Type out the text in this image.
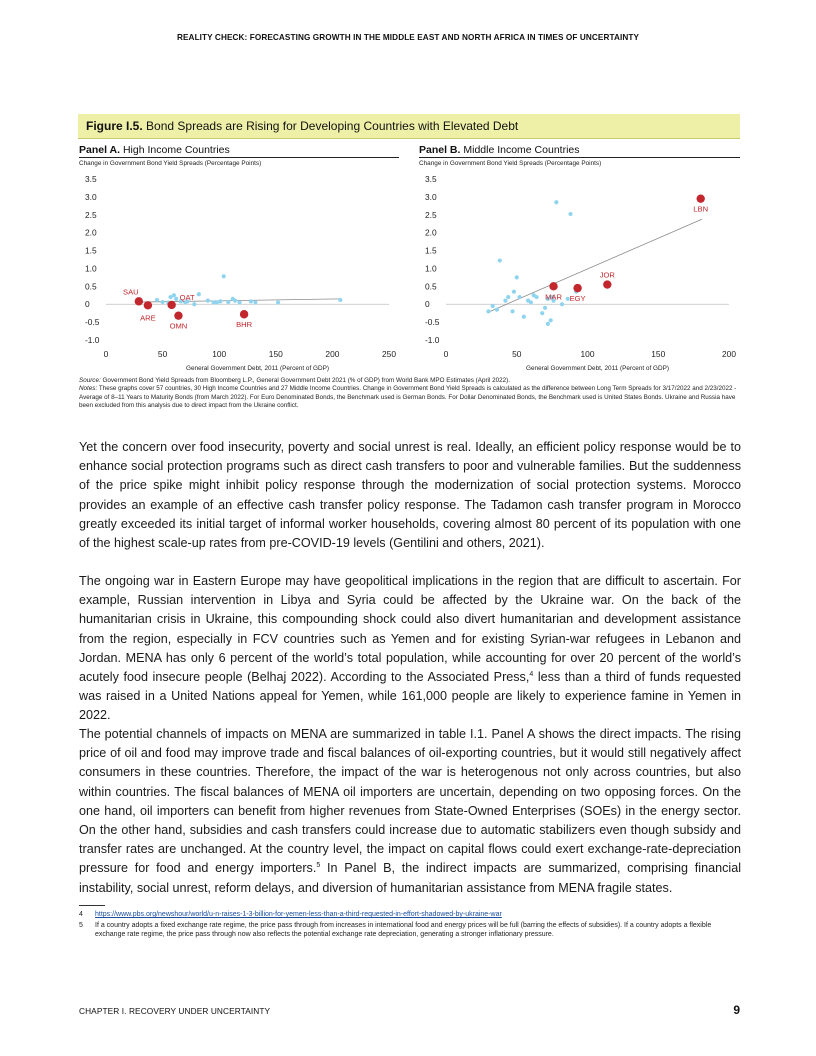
REALITY CHECK: FORECASTING GROWTH IN THE MIDDLE EAST AND NORTH AFRICA IN TIMES OF UNCERTAINTY
Figure I.5. Bond Spreads are Rising for Developing Countries with Elevated Debt
Panel A. High Income Countries
Change in Government Bond Yield Spreads (Percentage Points)
Panel B. Middle Income Countries
Change in Government Bond Yield Spreads (Percentage Points)
3.5
3.0
2.5
2.0
1.5
1.0
0.5
0
-0.5
-1.0
0	50	100	150	200	250
General Government Debt, 2011 (Percent of GDP)
SAU
ARE
QAT
OMN	BHR
3.5
3.0
2.5
2.0
1.5
1.0
0.5
0
-0.5
-1.0
0	50	100	150	200
General Government Debt, 2011 (Percent of GDP)
MAR EGY
JOR
LBN
Source: Government Bond Yield Spreads from Bloomberg L.P., General Government Debt 2021 (% of GDP) from World Bank MPO Estimates (April 2022).
Notes: These graphs cover 57 countries, 30 High Income Countries and 27 Middle Income Countries. Change in Government Bond Yield Spreads is calculated as the difference between Long Term Spreads for 3/17/2022 and 2/23/2022 - Average of 8–11 Years to Maturity Bonds (from March 2022). For Euro Denominated Bonds, the Benchmark used is German Bonds. For Dollar Denominated Bonds, the Benchmark used is United States Bonds. Ukraine and Russia have been excluded from this analysis due to direct impact from the Ukraine conflict.
Yet the concern over food insecurity, poverty and social unrest is real. Ideally, an efficient policy response would be to enhance social protection programs such as direct cash transfers to poor and vulnerable families. But the suddenness of the price spike might inhibit policy response through the modernization of social protection systems. Morocco provides an example of an effective cash transfer policy response. The Tadamon cash transfer program in Morocco greatly exceeded its initial target of informal worker households, covering almost 80 percent of its population with one of the highest scale-up rates from pre-COVID-19 levels (Gentilini and others, 2021).
The ongoing war in Eastern Europe may have geopolitical implications in the region that are difficult to ascertain. For example, Russian intervention in Libya and Syria could be affected by the Ukraine war. On the back of the humanitarian crisis in Ukraine, this compounding shock could also divert humanitarian and development assistance from the region, especially in FCV countries such as Yemen and for existing Syrian-war refugees in Lebanon and Jordan. MENA has only 6 percent of the world’s total population, while accounting for over 20 percent of the world’s acutely food insecure people (Belhaj 2022). According to the Associated Press,$^4$ less than a third of funds requested was raised in a United Nations appeal for Yemen, while 161,000 people are likely to experience famine in Yemen in 2022.
The potential channels of impacts on MENA are summarized in table I.1. Panel A shows the direct impacts. The rising price of oil and food may improve trade and fiscal balances of oil-exporting countries, but it would still negatively affect consumers in these countries. Therefore, the impact of the war is heterogenous not only across countries, but also within countries. The fiscal balances of MENA oil importers are uncertain, depending on two opposing forces. On the one hand, oil importers can benefit from higher revenues from State-Owned Enterprises (SOEs) in the energy sector. On the other hand, subsidies and cash transfers could increase due to automatic stabilizers even though subsidy and transfer rates are unchanged. At the country level, the impact on capital flows could exert exchange-rate-depreciation pressure for food and energy importers.$^5$ In Panel B, the indirect impacts are summarized, comprising financial instability, social unrest, reform delays, and diversion of humanitarian assistance from MENA fragile states.
4 https://www.pbs.org/newshour/world/u-n-raises-1-3-billion-for-yemen-less-than-a-third-requested-in-effort-shadowed-by-ukraine-war
5 If a country adopts a fixed exchange rate regime, the price pass through from increases in international food and energy prices will be full (barring the effects of subsidies). If a country adopts a flexible exchange rate regime, the price pass through now also reflects the potential exchange rate depreciation, generating a stronger inflationary pressure.
CHAPTER I. RECOVERY UNDER UNCERTAINTY	9
